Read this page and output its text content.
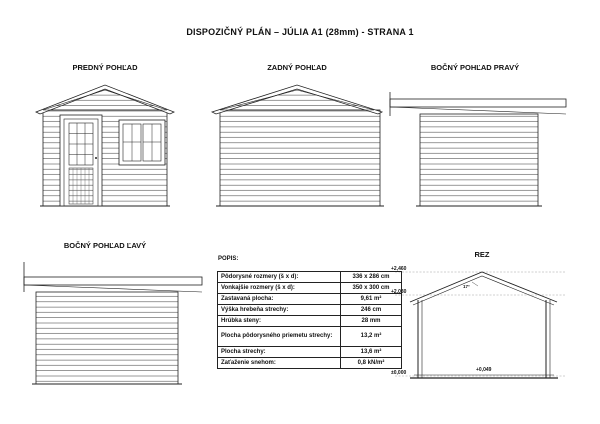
DISPOZIČNÝ PLÁN – JÚLIA A1 (28mm) - STRANA 1
PREDNÝ POHĽAD	ZADNÝ POHĽAD	BOČNÝ POHĽAD PRAVÝ
BOČNÝ POHĽAD ĽAVÝ
REZ
+2,460
+2,030
±0,000	+0,049
17°
POPIS:
Pôdorysné rozmery (š x d):	336 x 286 cm
Vonkajšie rozmery (š x d):	350 x 300 cm
Zastavaná plocha:	9,61 m²
Výška hrebeňa strechy:	246 cm
Hrúbka steny:	28 mm
Plocha pôdorysného priemetu strechy:	13,2 m²
Plocha strechy:	13,6 m²
Zaťaženie snehom:	0,8 kN/m²
